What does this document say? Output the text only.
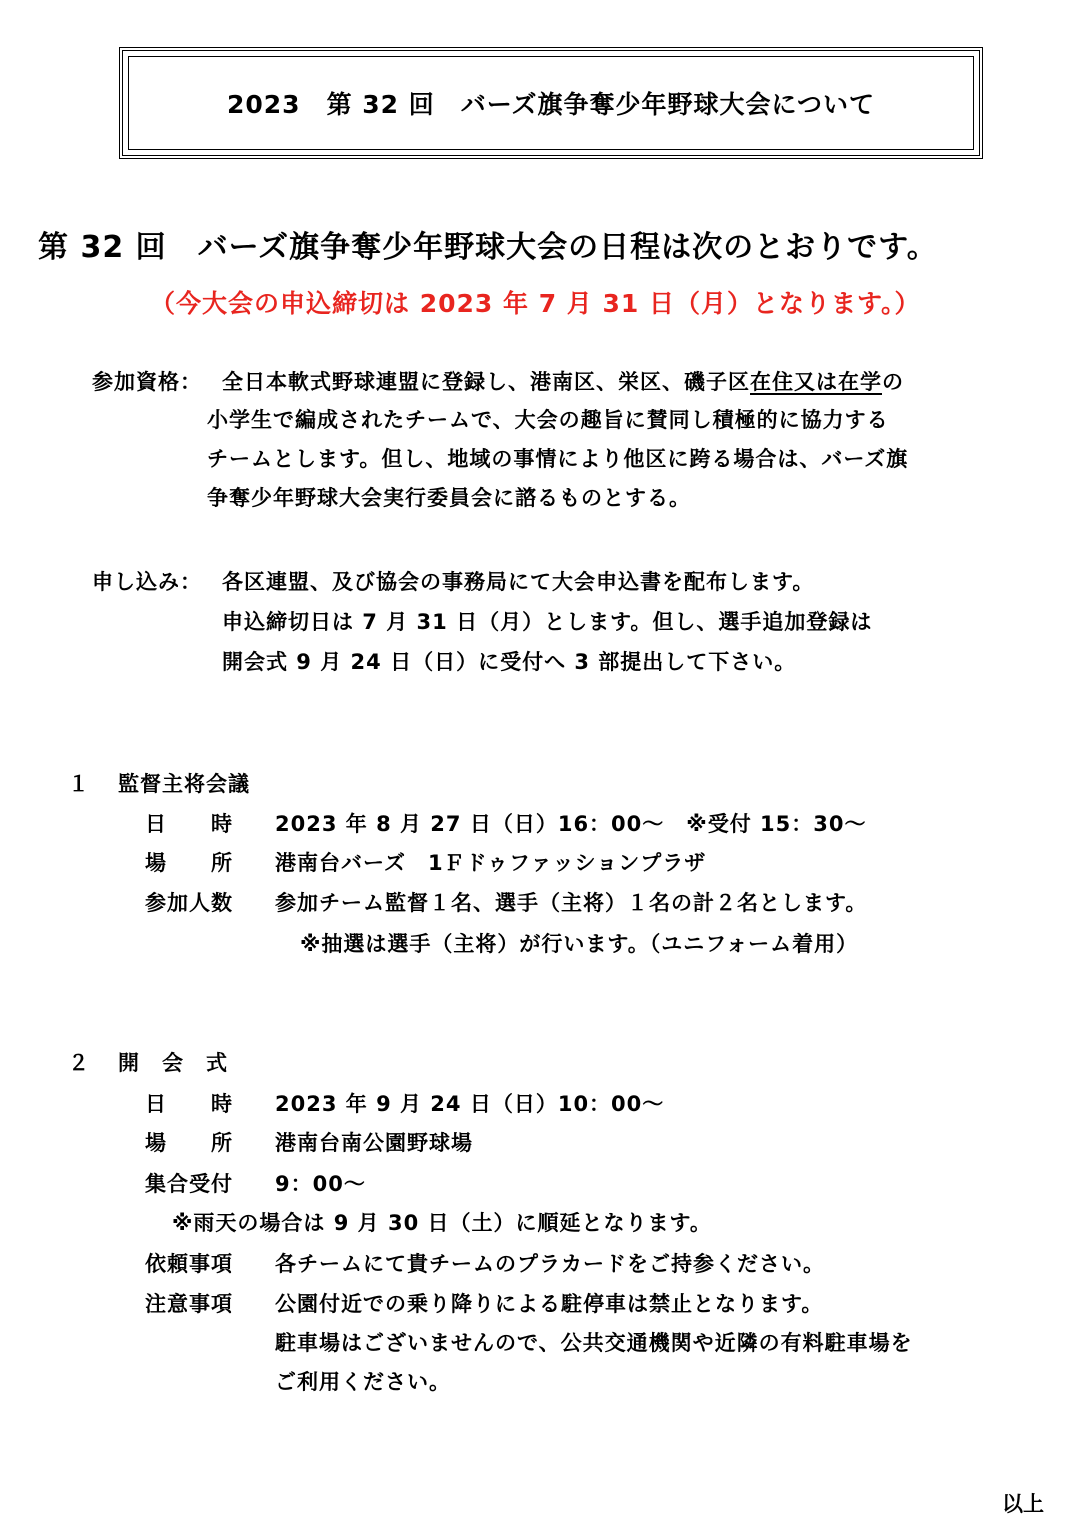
2023　第 32 回　バーズ旗争奪少年野球大会について
第 32 回　バーズ旗争奪少年野球大会の日程は次のとおりです。
（今大会の申込締切は 2023 年 7 月 31 日（月）となります。）
参加資格： 全日本軟式野球連盟に登録し、港南区、栄区、磯子区在住又は在学の
小学生で編成されたチームで、大会の趣旨に賛同し積極的に協力する
チームとします。但し、地域の事情により他区に跨る場合は、バーズ旗
争奪少年野球大会実行委員会に諮るものとする。
申し込み： 各区連盟、及び協会の事務局にて大会申込書を配布します。
申込締切日は 7 月 31 日（月）とします。但し、選手追加登録は
開会式 9 月 24 日（日）に受付へ 3 部提出して下さい。
１ 監督主将会議
日　　時 2023 年 8 月 27 日（日）16：00～　※受付 15：30～
場　　所 港南台バーズ　1Ｆドゥファッションプラザ
参加人数 参加チーム監督１名、選手（主将）１名の計２名とします。
※抽選は選手（主将）が行います。（ユニフォーム着用）
２ 開　会　式
日　　時 2023 年 9 月 24 日（日）10：00～
場　　所 港南台南公園野球場
集合受付 9：00～
※雨天の場合は 9 月 30 日（土）に順延となります。
依頼事項 各チームにて貴チームのプラカードをご持参ください。
注意事項 公園付近での乗り降りによる駐停車は禁止となります。
駐車場はございませんので、公共交通機関や近隣の有料駐車場を
ご利用ください。
以上
